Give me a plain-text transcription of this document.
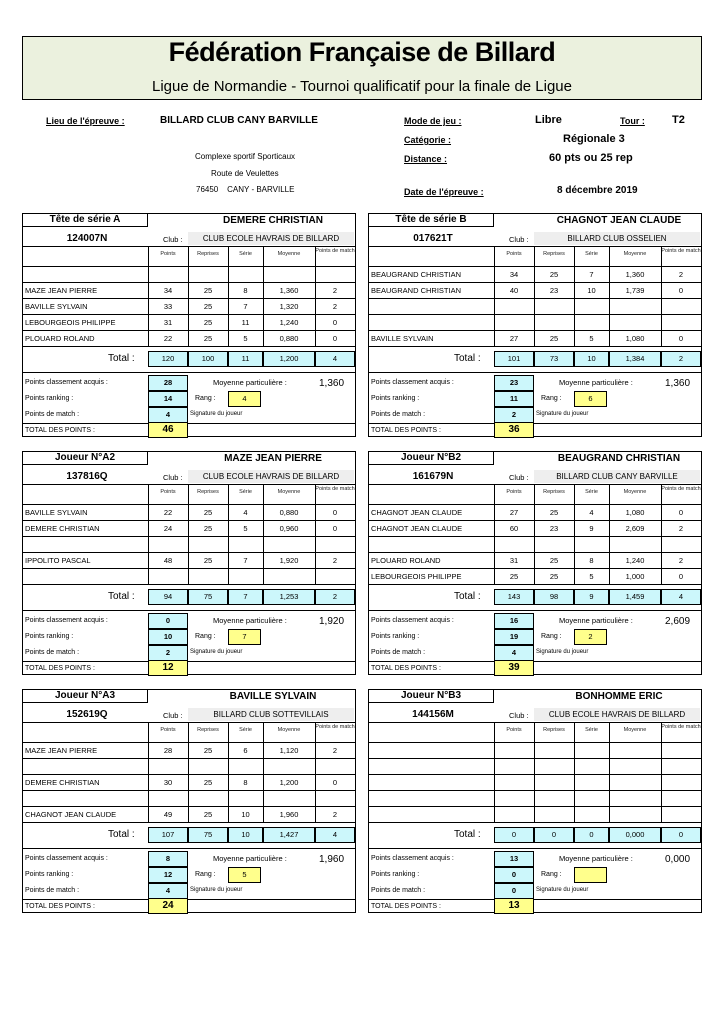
Fédération Française de Billard
Ligue de Normandie - Tournoi qualificatif pour la finale de Ligue
Lieu de l'épreuve :	BILLARD CLUB CANY BARVILLE
Complexe sportif Sporticaux
Route de Veulettes
76450    CANY - BARVILLE
Mode de jeu :	Libre	Tour : T2
Catégorie :	Régionale 3
Distance :	60 pts ou 25 rep
Date de l'épreuve :	8 décembre 2019
Tête de série A	DEMERE CHRISTIAN
124007N	Club :	CLUB ECOLE HAVRAIS DE BILLARD
Points	Reprises	Série	Moyenne	Points de match
MAZE JEAN PIERRE	34	25	8	1,360	2
BAVILLE SYLVAIN	33	25	7	1,320	2
LEBOURGEOIS PHILIPPE	31	25	11	1,240	0
PLOUARD ROLAND	22	25	5	0,880	0
Total :	120	100	11	1,200	4
Points classement acquis :	28	Moyenne particulière :	1,360
Points ranking :	14	Rang :	4
Points de match :	4	Signature du joueur
TOTAL DES POINTS :	46
Tête de série B	CHAGNOT JEAN CLAUDE
017621T	Club :	BILLARD CLUB OSSELIEN
Points	Reprises	Série	Moyenne	Points de match
BEAUGRAND CHRISTIAN	34	25	7	1,360	2
BEAUGRAND CHRISTIAN	40	23	10	1,739	0
BAVILLE SYLVAIN	27	25	5	1,080	0
Total :	101	73	10	1,384	2
Points classement acquis :	23	Moyenne particulière :	1,360
Points ranking :	11	Rang :	6
Points de match :	2	Signature du joueur
TOTAL DES POINTS :	36
Joueur N°A2	MAZE JEAN PIERRE
137816Q	Club :	CLUB ECOLE HAVRAIS DE BILLARD
Points	Reprises	Série	Moyenne	Points de match
BAVILLE SYLVAIN	22	25	4	0,880	0
DEMERE CHRISTIAN	24	25	5	0,960	0
IPPOLITO PASCAL	48	25	7	1,920	2
Total :	94	75	7	1,253	2
Points classement acquis :	0	Moyenne particulière :	1,920
Points ranking :	10	Rang :	7
Points de match :	2	Signature du joueur
TOTAL DES POINTS :	12
Joueur N°B2	BEAUGRAND CHRISTIAN
161679N	Club :	BILLARD CLUB CANY BARVILLE
Points	Reprises	Série	Moyenne	Points de match
CHAGNOT JEAN CLAUDE	27	25	4	1,080	0
CHAGNOT JEAN CLAUDE	60	23	9	2,609	2
PLOUARD ROLAND	31	25	8	1,240	2
LEBOURGEOIS PHILIPPE	25	25	5	1,000	0
Total :	143	98	9	1,459	4
Points classement acquis :	16	Moyenne particulière :	2,609
Points ranking :	19	Rang :	2
Points de match :	4	Signature du joueur
TOTAL DES POINTS :	39
Joueur N°A3	BAVILLE SYLVAIN
152619Q	Club :	BILLARD CLUB SOTTEVILLAIS
Points	Reprises	Série	Moyenne	Points de match
MAZE JEAN PIERRE	28	25	6	1,120	2
DEMERE CHRISTIAN	30	25	8	1,200	0
CHAGNOT JEAN CLAUDE	49	25	10	1,960	2
Total :	107	75	10	1,427	4
Points classement acquis :	8	Moyenne particulière :	1,960
Points ranking :	12	Rang :	5
Points de match :	4	Signature du joueur
TOTAL DES POINTS :	24
Joueur N°B3	BONHOMME ERIC
144156M	Club :	CLUB ECOLE HAVRAIS DE BILLARD
Points	Reprises	Série	Moyenne	Points de match
Total :	0	0	0	0,000	0
Points classement acquis :	13	Moyenne particulière :	0,000
Points ranking :	0	Rang :
Points de match :	0	Signature du joueur
TOTAL DES POINTS :	13
